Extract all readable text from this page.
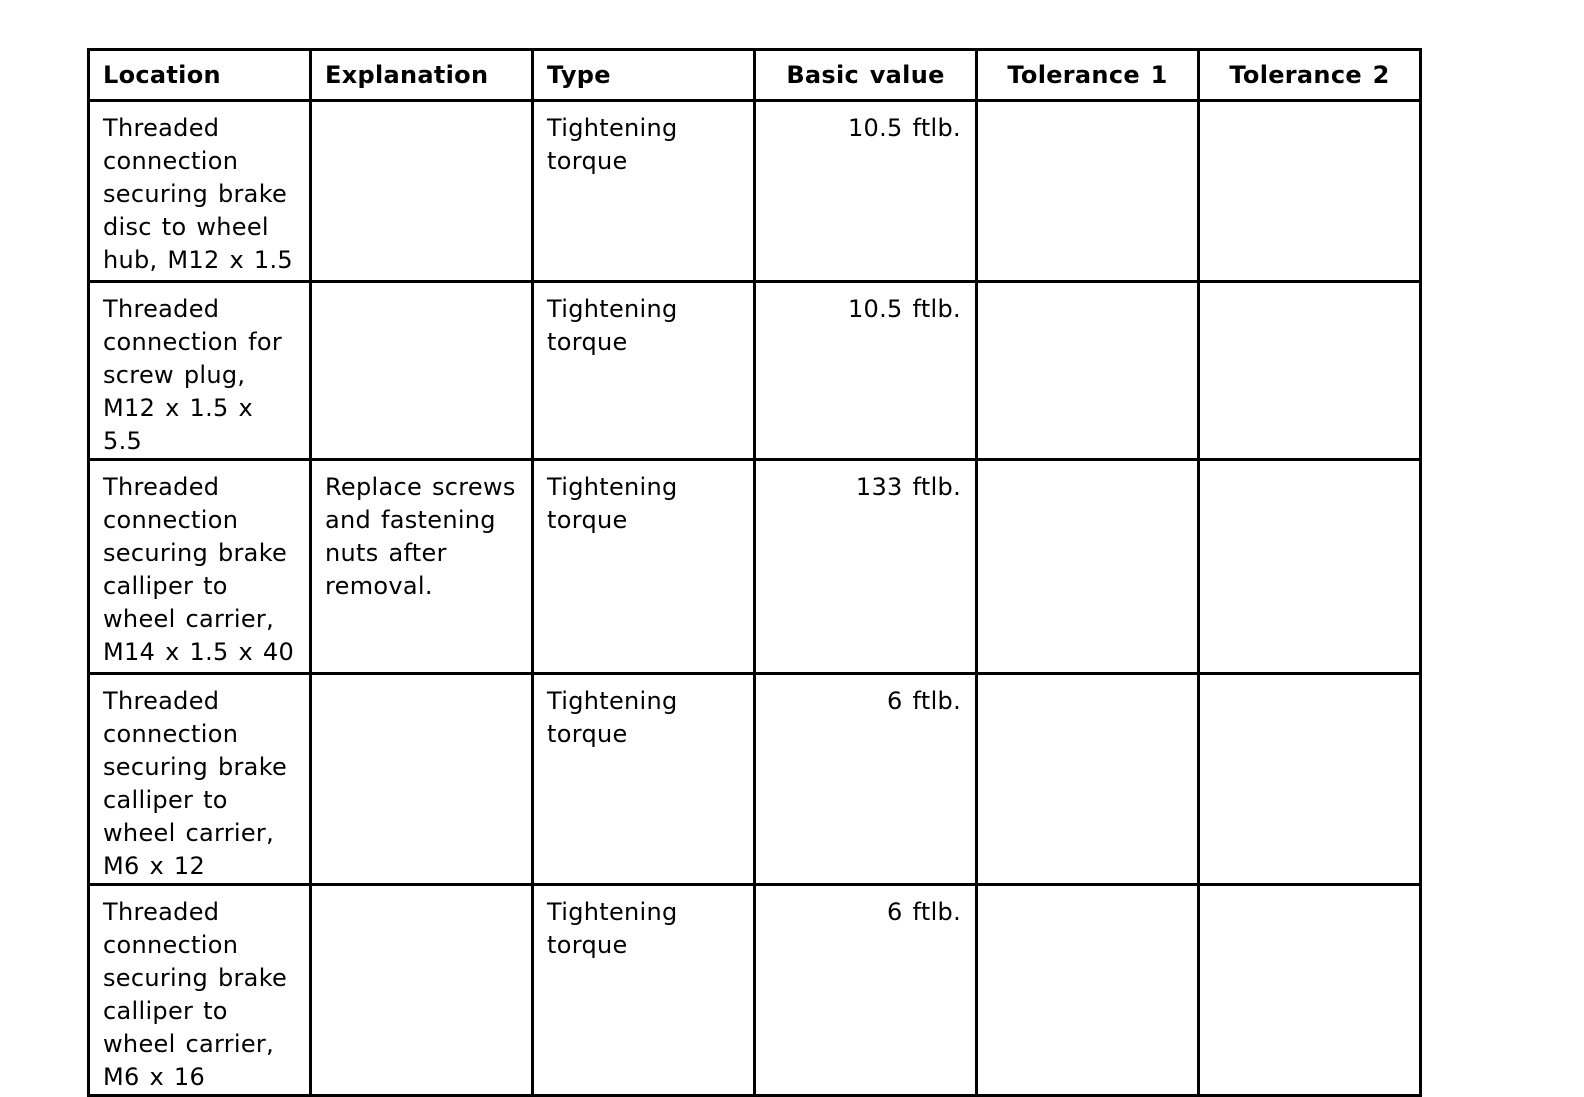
Location	Explanation	Type	Basic value	Tolerance 1	Tolerance 2
Threaded connection securing brake disc to wheel hub, M12 x 1.5		Tightening torque	10.5 ftlb.		
Threaded connection for screw plug, M12 x 1.5 x 5.5		Tightening torque	10.5 ftlb.		
Threaded connection securing brake calliper to wheel carrier, M14 x 1.5 x 40	Replace screws and fastening nuts after removal.	Tightening torque	133 ftlb.		
Threaded connection securing brake calliper to wheel carrier, M6 x 12		Tightening torque	6 ftlb.		
Threaded connection securing brake calliper to wheel carrier, M6 x 16		Tightening torque	6 ftlb.		
